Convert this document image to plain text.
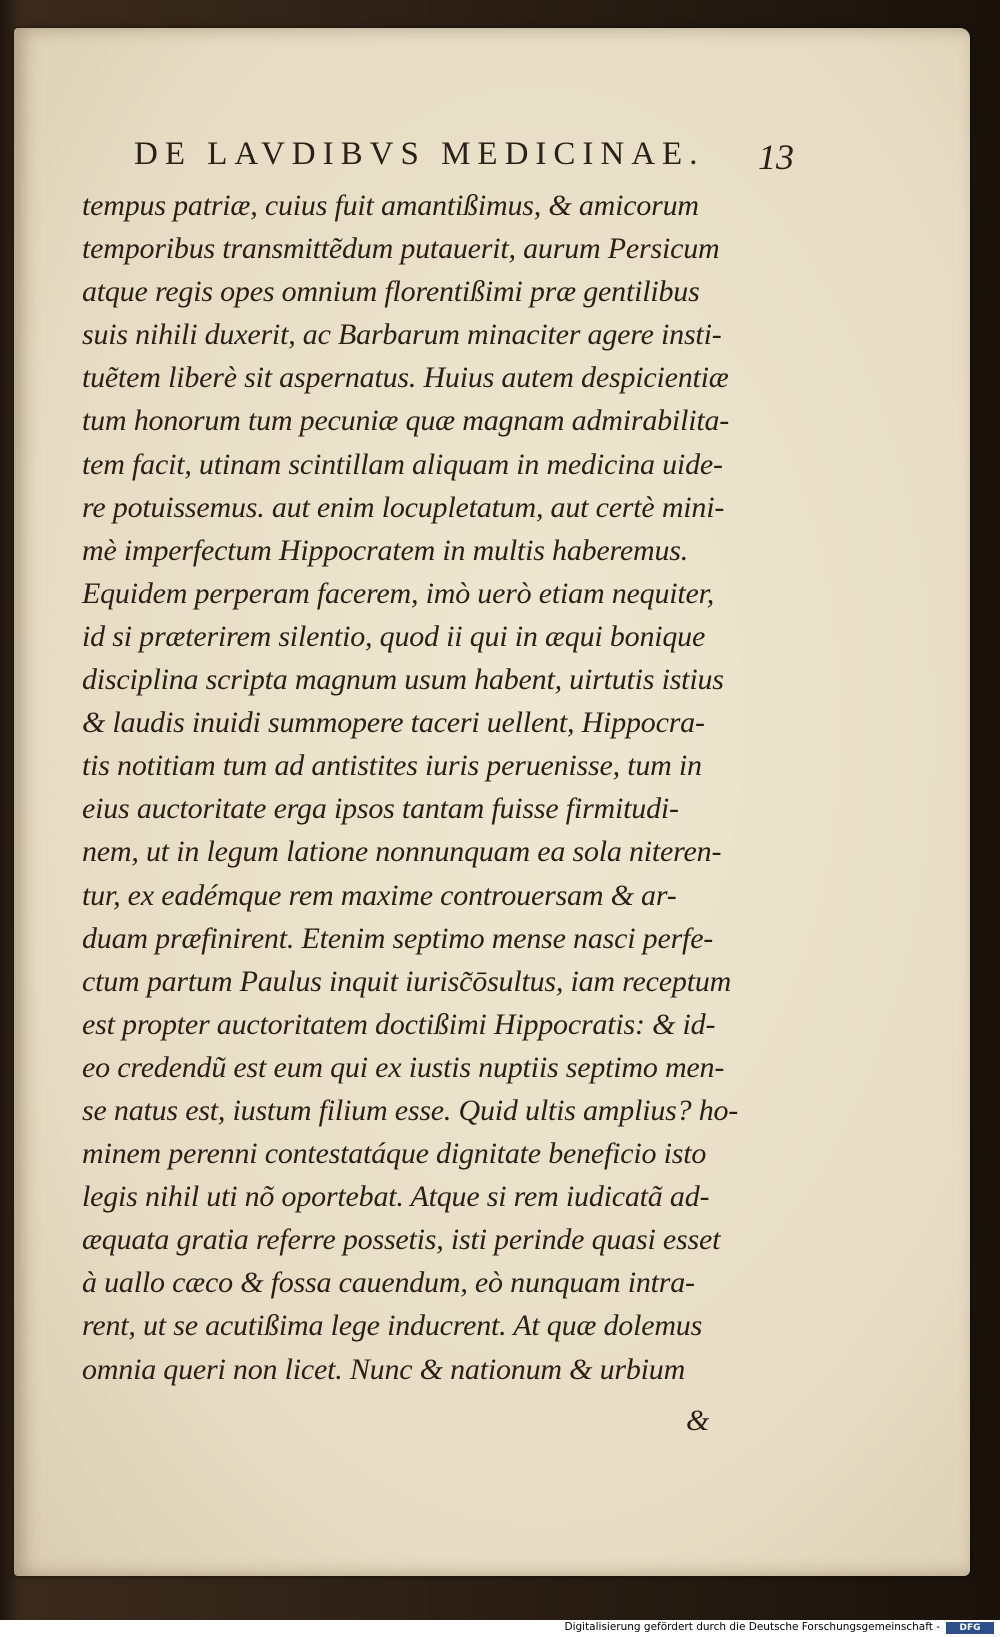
DE LAVDIBVS MEDICINAE. 13
tempus patriæ, cuius fuit amantißimus, & amicorum
temporibus transmittẽdum putauerit, aurum Persicum
atque regis opes omnium florentißimi præ gentilibus
suis nihili duxerit, ac Barbarum minaciter agere insti-
tuẽtem liberè sit aspernatus. Huius autem despicientiæ
tum honorum tum pecuniæ quæ magnam admirabilita-
tem facit, utinam scintillam aliquam in medicina uide-
re potuissemus. aut enim locupletatum, aut certè mini-
mè imperfectum Hippocratem in multis haberemus.
Equidem perperam facerem, imò uerò etiam nequiter,
id si præterirem silentio, quod ii qui in æqui bonique
disciplina scripta magnum usum habent, uirtutis istius
& laudis inuidi summopere taceri uellent, Hippocra-
tis notitiam tum ad antistites iuris peruenisse, tum in
eius auctoritate erga ipsos tantam fuisse firmitudi-
nem, ut in legum latione nonnunquam ea sola niteren-
tur, ex eadémque rem maxime controuersam & ar-
duam præfinirent. Etenim septimo mense nasci perfe-
ctum partum Paulus inquit iurisc͂ōsultus, iam receptum
est propter auctoritatem doctißimi Hippocratis: & id-
eo credendũ est eum qui ex iustis nuptiis septimo men-
se natus est, iustum filium esse. Quid ultis amplius? ho-
minem perenni contestatáque dignitate beneficio isto
legis nihil uti nõ oportebat. Atque si rem iudicatã ad-
æquata gratia referre possetis, isti perinde quasi esset
à uallo cæco & fossa cauendum, eò nunquam intra-
rent, ut se acutißima lege inducrent. At quæ dolemus
omnia queri non licet. Nunc & nationum & urbium
&
Digitalisierung gefördert durch die Deutsche Forschungsgemeinschaft -	DFG
